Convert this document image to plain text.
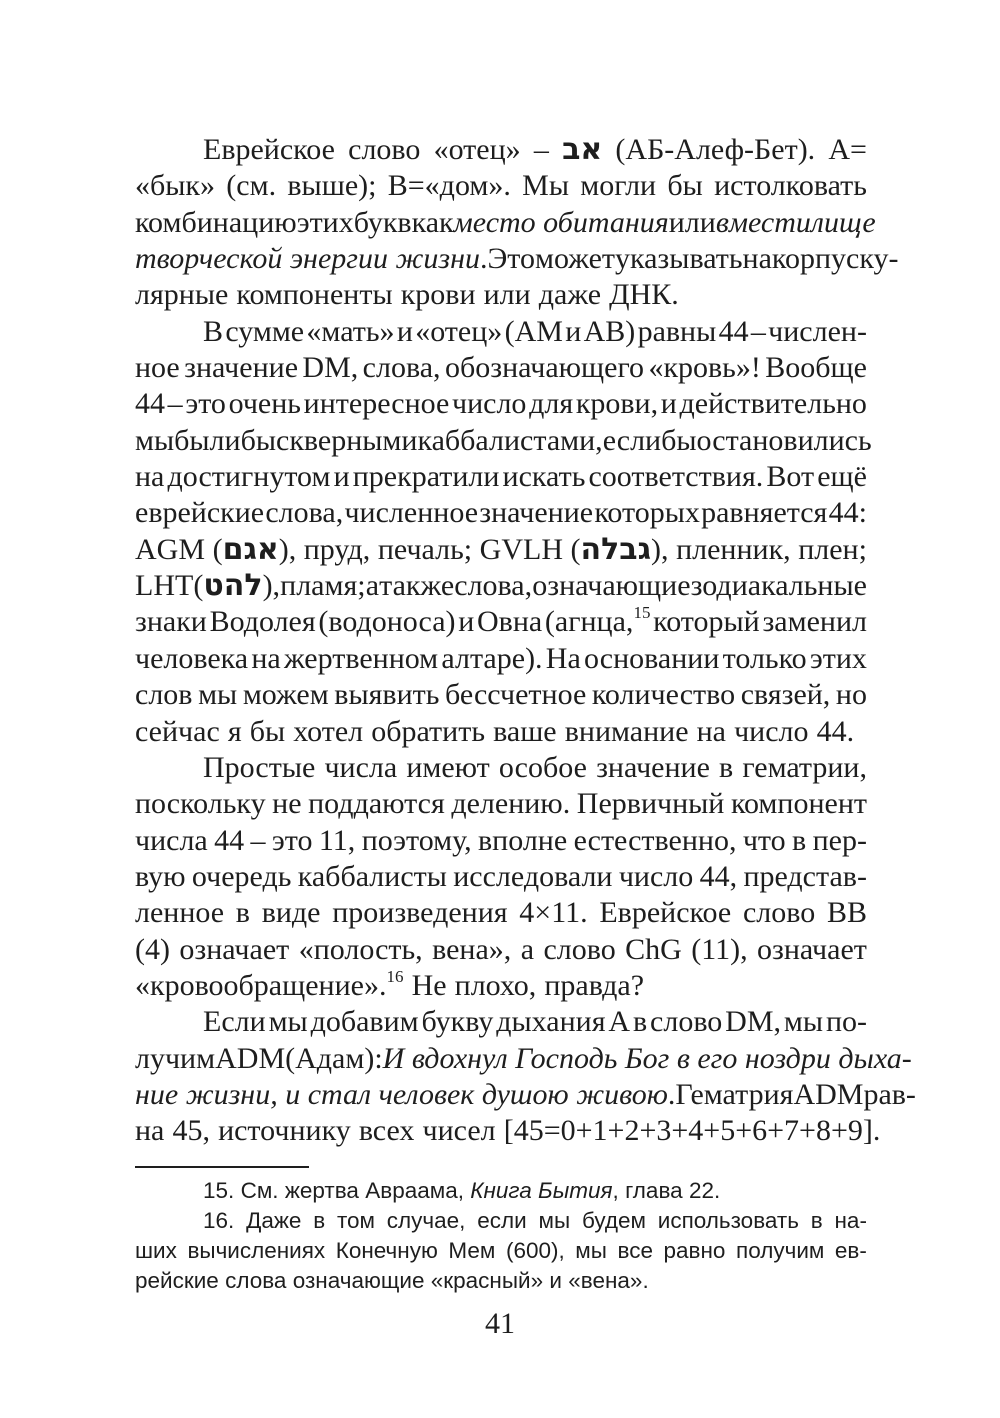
Еврейское слово «отец» – אב (АБ-Алеф-Бет). А=
«бык» (см. выше); В=«дом». Мы могли бы истолковать
комбинацию этих букв как место обитания или вместилище
творческой энергии жизни. Это может указывать на корпуску-
лярные компоненты крови или даже ДНК.
В сумме «мать» и «отец» (AM и AB) равны 44 – числен-
ное значение DM, слова, обозначающего «кровь»! Вообще
44 – это очень интересное число для крови, и действительно
мы были бы скверными каббалистами, если бы остановились
на достигнутом и прекратили искать соответствия. Вот ещё
еврейские слова, численное значение которых равняется 44:
AGM (אגם), пруд, печаль; GVLH (גבלה), пленник, плен;
LHT (להט), пламя; а также слова, означающие зодиакальные
знаки Водолея (водоноса) и Овна (агнца,$^{15}$ который заменил
человека на жертвенном алтаре). На основании только этих
слов мы можем выявить бессчетное количество связей, но
сейчас я бы хотел обратить ваше внимание на число 44.
Простые числа имеют особое значение в гематрии,
поскольку не поддаются делению. Первичный компонент
числа 44 – это 11, поэтому, вполне естественно, что в пер-
вую очередь каббалисты исследовали число 44, представ-
ленное в виде произведения 4×11. Еврейское слово BB
(4) означает «полость, вена», а слово ChG (11), означает
«кровообращение».$^{16}$ Не плохо, правда?
Если мы добавим букву дыхания A в слово DM, мы по-
лучим ADM (Адам): И вдохнул Господь Бог в его ноздри дыха-
ние жизни, и стал человек душою живою. Гематрия ADM рав-
на 45, источнику всех чисел [45=0+1+2+3+4+5+6+7+8+9].
15. См. жертва Авраама, Книга Бытия, глава 22.
16. Даже в том случае, если мы будем использовать в на-
ших вычислениях Конечную Мем (600), мы все равно получим ев-
рейские слова означающие «красный» и «вена».
41
